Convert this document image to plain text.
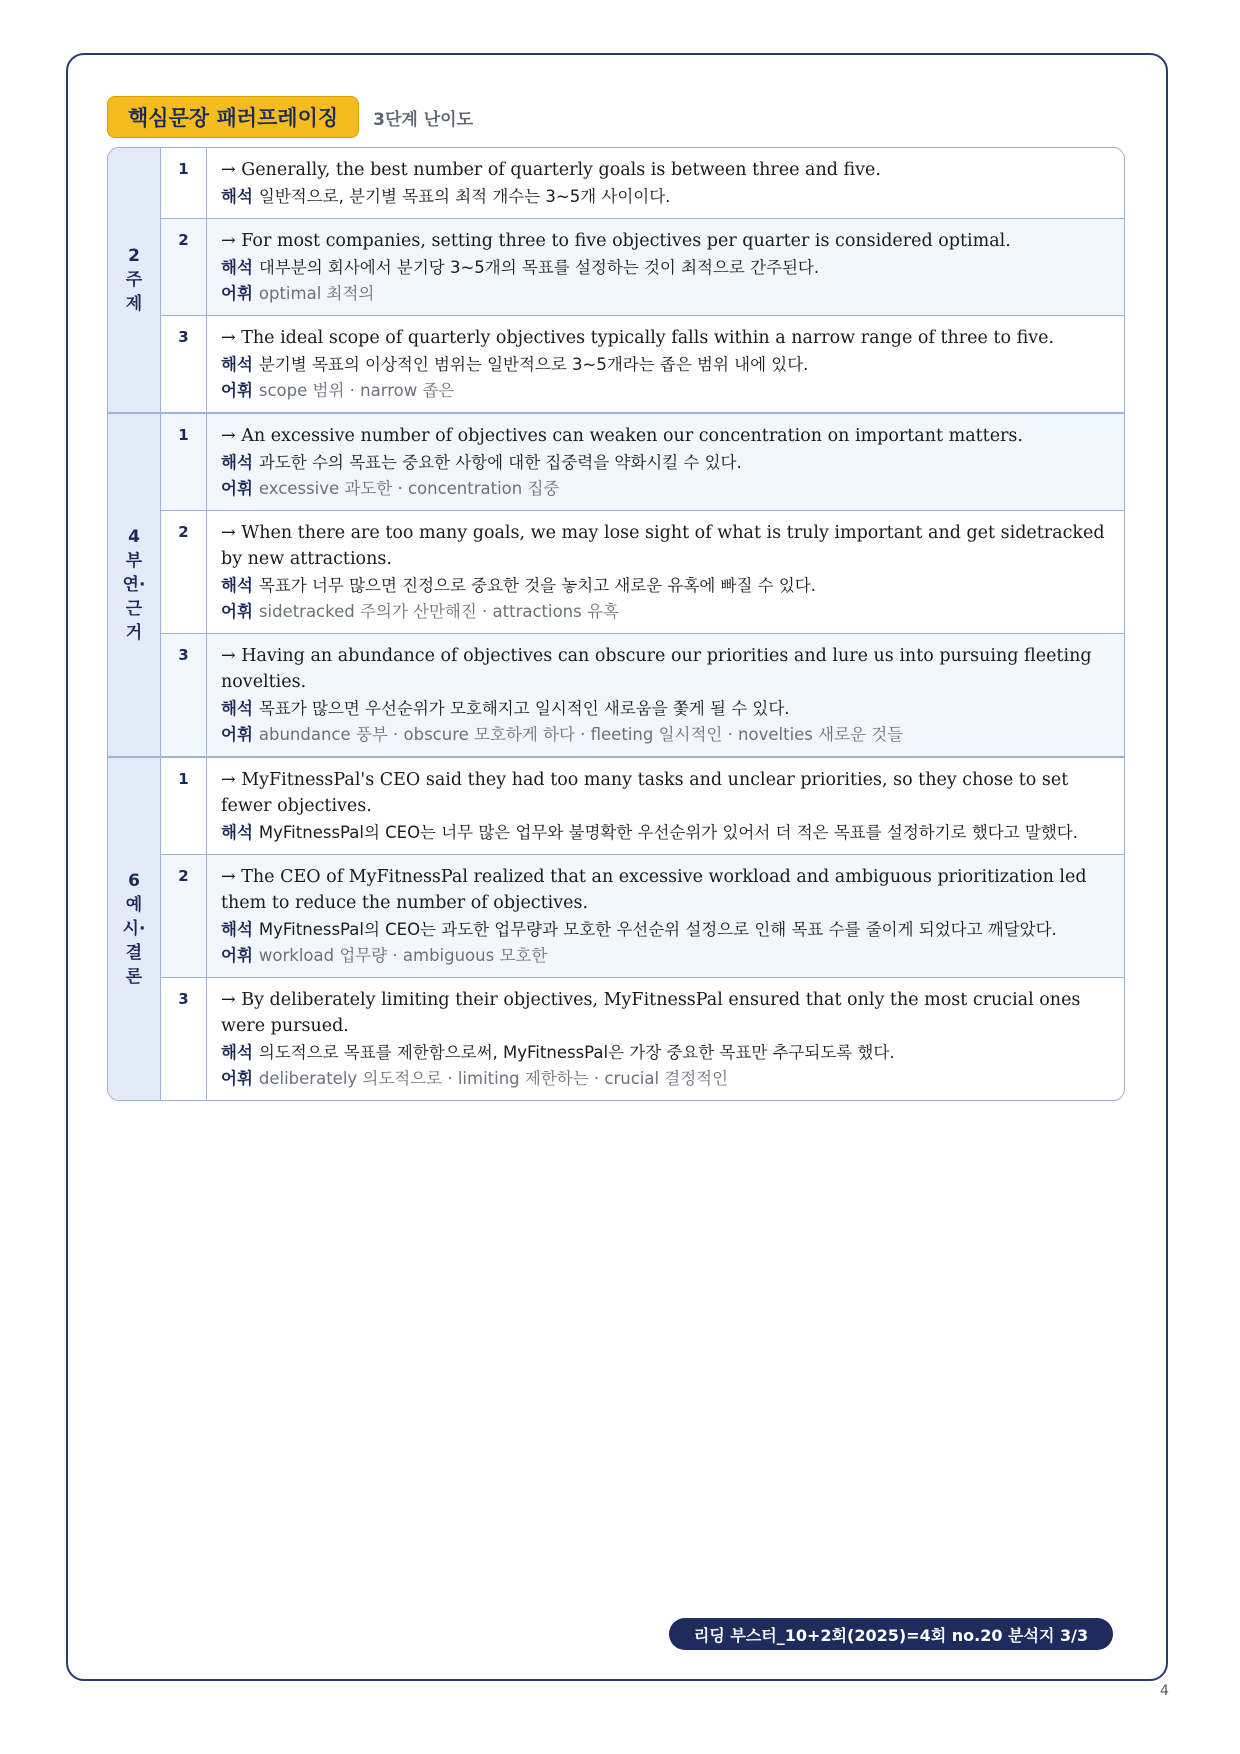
핵심문장 패러프레이징	3단계 난이도
2 주제
1	→ Generally, the best number of quarterly goals is between three and five.
해석 일반적으로, 분기별 목표의 최적 개수는 3~5개 사이이다.
2	→ For most companies, setting three to five objectives per quarter is considered optimal.
해석 대부분의 회사에서 분기당 3~5개의 목표를 설정하는 것이 최적으로 간주된다.
어휘 optimal 최적의
3	→ The ideal scope of quarterly objectives typically falls within a narrow range of three to five.
해석 분기별 목표의 이상적인 범위는 일반적으로 3~5개라는 좁은 범위 내에 있다.
어휘 scope 범위 · narrow 좁은
4 부연· 근거
1	→ An excessive number of objectives can weaken our concentration on important matters.
해석 과도한 수의 목표는 중요한 사항에 대한 집중력을 약화시킬 수 있다.
어휘 excessive 과도한 · concentration 집중
2	→ When there are too many goals, we may lose sight of what is truly important and get sidetracked by new attractions.
해석 목표가 너무 많으면 진정으로 중요한 것을 놓치고 새로운 유혹에 빠질 수 있다.
어휘 sidetracked 주의가 산만해진 · attractions 유혹
3	→ Having an abundance of objectives can obscure our priorities and lure us into pursuing fleeting novelties.
해석 목표가 많으면 우선순위가 모호해지고 일시적인 새로움을 쫓게 될 수 있다.
어휘 abundance 풍부 · obscure 모호하게 하다 · fleeting 일시적인 · novelties 새로운 것들
6 예 시· 결 론
1	→ MyFitnessPal's CEO said they had too many tasks and unclear priorities, so they chose to set fewer objectives.
해석 MyFitnessPal의 CEO는 너무 많은 업무와 불명확한 우선순위가 있어서 더 적은 목표를 설정하기로 했다고 말했다.
2	→ The CEO of MyFitnessPal realized that an excessive workload and ambiguous prioritization led them to reduce the number of objectives.
해석 MyFitnessPal의 CEO는 과도한 업무량과 모호한 우선순위 설정으로 인해 목표 수를 줄이게 되었다고 깨달았다.
어휘 workload 업무량 · ambiguous 모호한
3	→ By deliberately limiting their objectives, MyFitnessPal ensured that only the most crucial ones were pursued.
해석 의도적으로 목표를 제한함으로써, MyFitnessPal은 가장 중요한 목표만 추구되도록 했다.
어휘 deliberately 의도적으로 · limiting 제한하는 · crucial 결정적인
리딩 부스터_10+2회(2025)=4회 no.20 분석지 3/3
4
